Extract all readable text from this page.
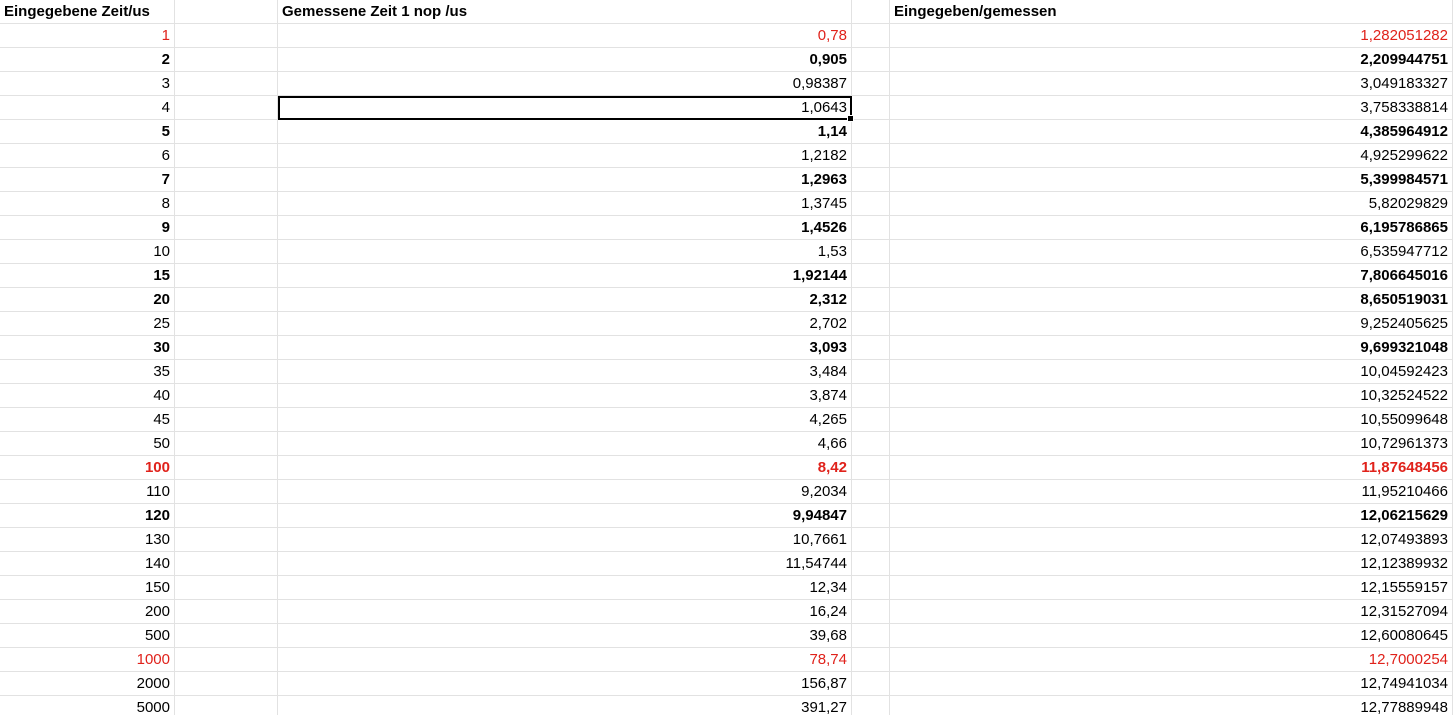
Eingegebene Zeit/us	Gemessene Zeit 1 nop /us	Eingegeben/gemessen
1	0,78	1,282051282
2	0,905	2,209944751
3	0,98387	3,049183327
4	1,0643	3,758338814
5	1,14	4,385964912
6	1,2182	4,925299622
7	1,2963	5,399984571
8	1,3745	5,82029829
9	1,4526	6,195786865
10	1,53	6,535947712
15	1,92144	7,806645016
20	2,312	8,650519031
25	2,702	9,252405625
30	3,093	9,699321048
35	3,484	10,04592423
40	3,874	10,32524522
45	4,265	10,55099648
50	4,66	10,72961373
100	8,42	11,87648456
110	9,2034	11,95210466
120	9,94847	12,06215629
130	10,7661	12,07493893
140	11,54744	12,12389932
150	12,34	12,15559157
200	16,24	12,31527094
500	39,68	12,60080645
1000	78,74	12,7000254
2000	156,87	12,74941034
5000	391,27	12,77889948
